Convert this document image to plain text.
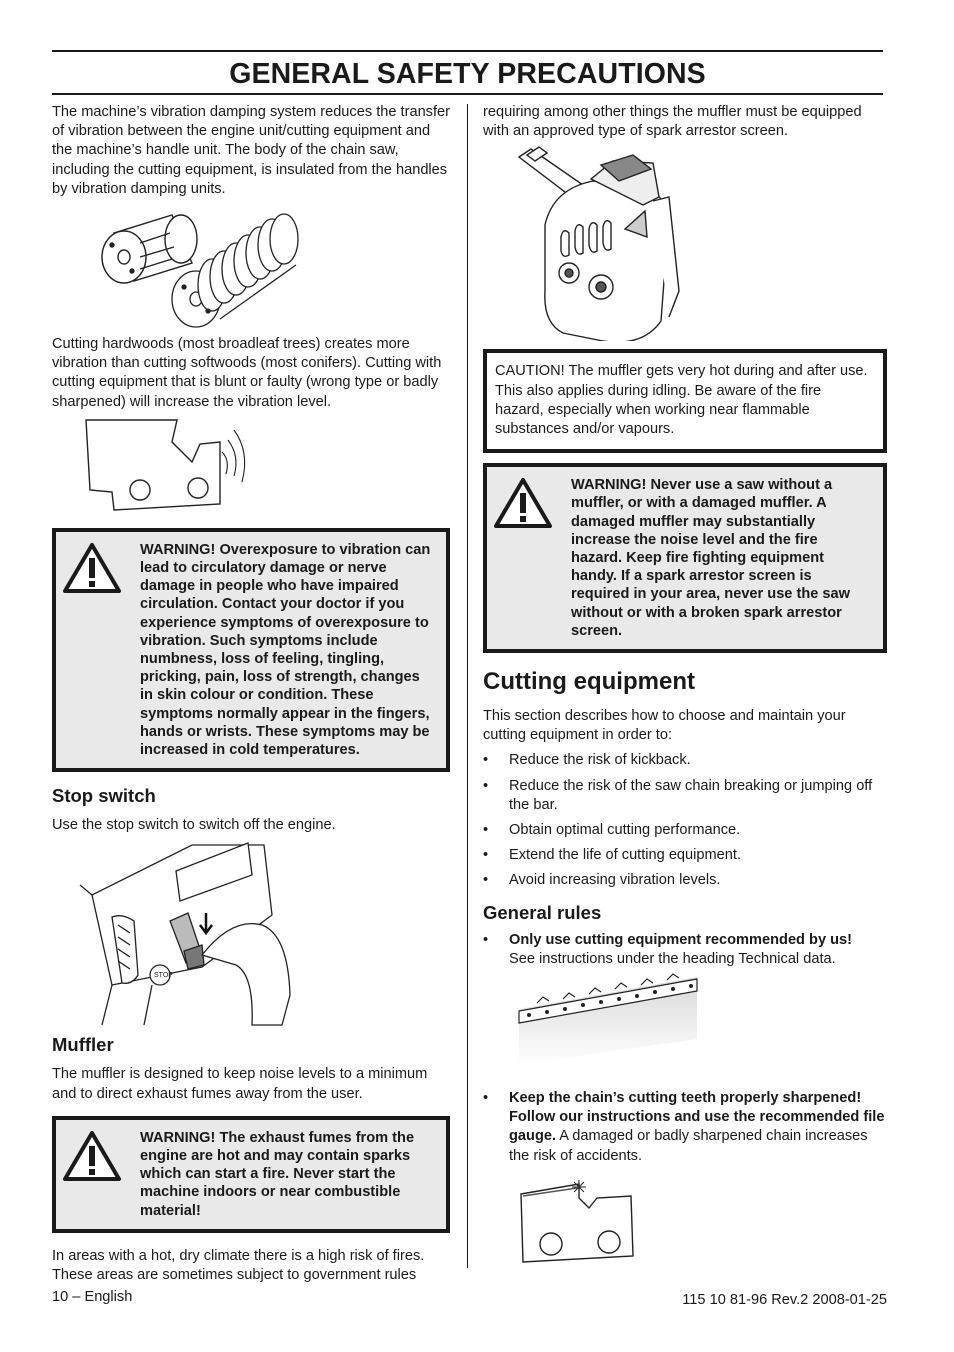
GENERAL SAFETY PRECAUTIONS

The machine’s vibration damping system reduces the transfer of vibration between the engine unit/cutting equipment and the machine’s handle unit. The body of the chain saw, including the cutting equipment, is insulated from the handles by vibration damping units.

Cutting hardwoods (most broadleaf trees) creates more vibration than cutting softwoods (most conifers). Cutting with cutting equipment that is blunt or faulty (wrong type or badly sharpened) will increase the vibration level.

WARNING! Overexposure to vibration can lead to circulatory damage or nerve damage in people who have impaired circulation. Contact your doctor if you experience symptoms of overexposure to vibration. Such symptoms include numbness, loss of feeling, tingling, pricking, pain, loss of strength, changes in skin colour or condition. These symptoms normally appear in the fingers, hands or wrists. These symptoms may be increased in cold temperatures.
Stop switch

Use the stop switch to switch off the engine.

STOP
Muffler

The muffler is designed to keep noise levels to a minimum and to direct exhaust fumes away from the user.

WARNING! The exhaust fumes from the engine are hot and may contain sparks which can start a fire. Never start the machine indoors or near combustible material!

In areas with a hot, dry climate there is a high risk of fires. These areas are sometimes subject to government rules

requiring among other things the muffler must be equipped with an approved type of spark arrestor screen.

CAUTION! The muffler gets very hot during and after use. This also applies during idling. Be aware of the fire hazard, especially when working near flammable substances and/or vapours.
WARNING! Never use a saw without a muffler, or with a damaged muffler. A damaged muffler may substantially increase the noise level and the fire hazard. Keep fire fighting equipment handy. If a spark arrestor screen is required in your area, never use the saw without or with a broken spark arrestor screen.
Cutting equipment

This section describes how to choose and maintain your cutting equipment in order to:

• Reduce the risk of kickback.
• Reduce the risk of the saw chain breaking or jumping off the bar.
• Obtain optimal cutting performance.
• Extend the life of cutting equipment.
• Avoid increasing vibration levels.
General rules
• Only use cutting equipment recommended by us!
See instructions under the heading Technical data.
• Keep the chain’s cutting teeth properly sharpened! Follow our instructions and use the recommended file gauge. A damaged or badly sharpened chain increases the risk of accidents.
10 – English	115 10 81-96 Rev.2 2008-01-25
